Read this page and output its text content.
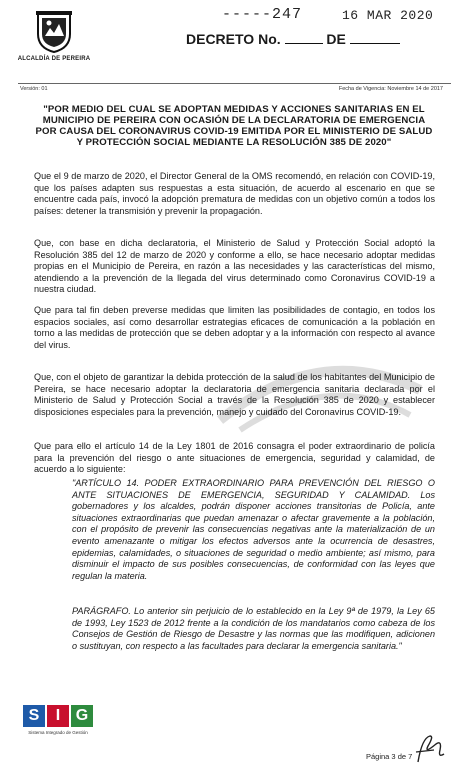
ALCALDÍA DE PEREIRA
-----247	16 MAR 2020
DECRETO No.	DE
Versión: 01	Fecha de Vigencia: Noviembre 14 de 2017
"POR MEDIO DEL CUAL SE ADOPTAN MEDIDAS Y ACCIONES SANITARIAS EN EL MUNICIPIO DE PEREIRA CON OCASIÓN DE LA DECLARATORIA DE EMERGENCIA POR CAUSA DEL CORONAVIRUS COVID-19 EMITIDA POR EL MINISTERIO DE SALUD Y PROTECCIÓN SOCIAL MEDIANTE LA RESOLUCIÓN 385 DE 2020"
Que el 9 de marzo de 2020, el Director General de la OMS recomendó, en relación con COVID-19, que los países adapten sus respuestas a esta situación, de acuerdo al escenario en que se encuentre cada país, invocó la adopción prematura de medidas con un objetivo común a todos los países: detener la transmisión y prevenir la propagación.
Que, con base en dicha declaratoria, el Ministerio de Salud y Protección Social adoptó la Resolución 385 del 12 de marzo de 2020 y conforme a ello, se hace necesario adoptar medidas propias en el Municipio de Pereira, en razón a las necesidades y las características del mismo, atendiendo a la prevención de la llegada del virus determinado como Coronavirus COVID-19 a nuestra ciudad.
Que para tal fin deben preverse medidas que limiten las posibilidades de contagio, en todos los espacios sociales, así como desarrollar estrategias eficaces de comunicación a la población en torno a las medidas de protección que se deben adoptar y a la información con respecto al avance del virus.
Que, con el objeto de garantizar la debida protección de la salud de los habitantes del Municipio de Pereira, se hace necesario adoptar la declaratoria de emergencia sanitaria declarada por el Ministerio de Salud y Protección Social a través de la Resolución 385 de 2020 y establecer disposiciones especiales para la prevención, manejo y cuidado del Coronavirus COVID-19.
Que para ello el artículo 14 de la Ley 1801 de 2016 consagra el poder extraordinario de policía para la prevención del riesgo o ante situaciones de emergencia, seguridad y calamidad, de acuerdo a lo siguiente:
"ARTÍCULO 14. PODER EXTRAORDINARIO PARA PREVENCIÓN DEL RIESGO O ANTE SITUACIONES DE EMERGENCIA, SEGURIDAD Y CALAMIDAD. Los gobernadores y los alcaldes, podrán disponer acciones transitorias de Policía, ante situaciones extraordinarias que puedan amenazar o afectar gravemente a la población, con el propósito de prevenir las consecuencias negativas ante la materialización de un evento amenazante o mitigar los efectos adversos ante la ocurrencia de desastres, epidemias, calamidades, o situaciones de seguridad o medio ambiente; así mismo, para disminuir el impacto de sus posibles consecuencias, de conformidad con las leyes que regulan la materia.
PARÁGRAFO. Lo anterior sin perjuicio de lo establecido en la Ley 9ª de 1979, la Ley 65 de 1993, Ley 1523 de 2012 frente a la condición de los mandatarios como cabeza de los Consejos de Gestión de Riesgo de Desastre y las normas que las modifiquen, adicionen o sustituyan, con respecto a las facultades para declarar la emergencia sanitaria."
S	I G
Sistema Integrado de Gestión
Página 3 de 7
